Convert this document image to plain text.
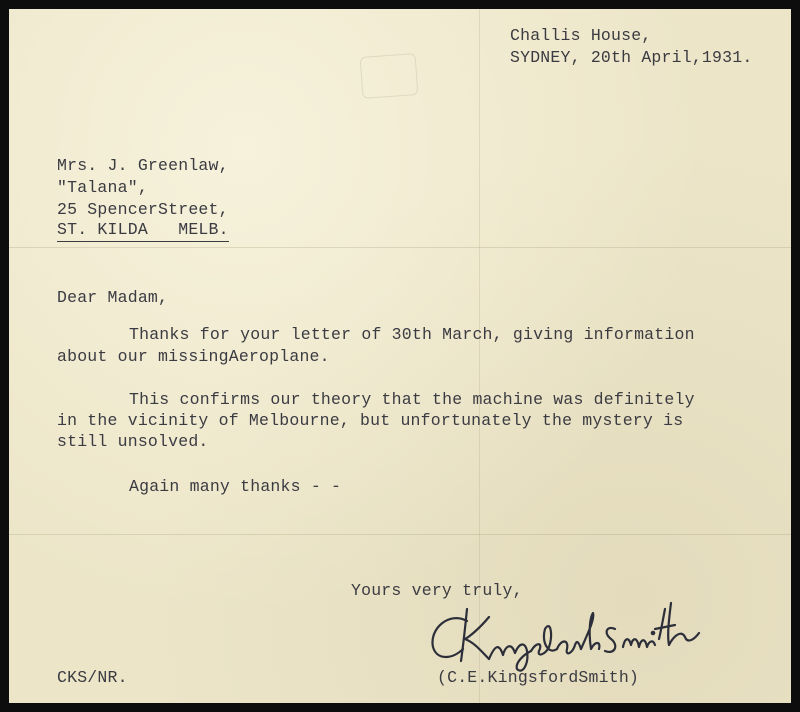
Challis House,

SYDNEY, 20th April,1931.

Mrs. J. Greenlaw,

"Talana",

25 SpencerStreet,

ST. KILDA   MELB.

Dear Madam,

Thanks for your letter of 30th March, giving information

about our missingAeroplane.

This confirms our theory that the machine was definitely

in the vicinity of Melbourne, but unfortunately the mystery is

still unsolved.

Again many thanks - -

Yours very truly,

CKS/NR.	(C.E.KingsfordSmith)
